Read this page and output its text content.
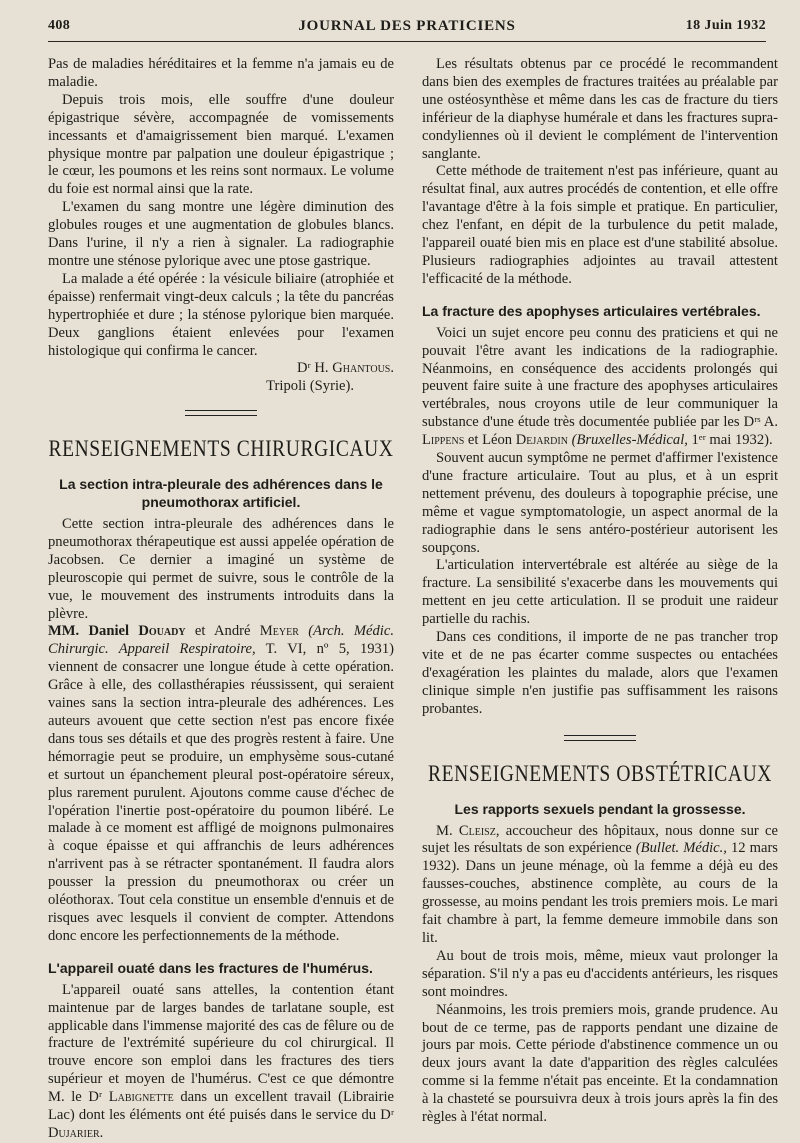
408	JOURNAL DES PRATICIENS	18 Juin 1932

Pas de maladies héréditaires et la femme n'a jamais eu de maladie.

Depuis trois mois, elle souffre d'une douleur épigastrique sévère, accompagnée de vomissements incessants et d'amaigrissement bien marqué. L'examen physique montre par palpation une douleur épigastrique ; le cœur, les poumons et les reins sont normaux. Le volume du foie est normal ainsi que la rate.

L'examen du sang montre une légère diminution des globules rouges et une augmentation de globules blancs. Dans l'urine, il n'y a rien à signaler. La radiographie montre une sténose pylorique avec une ptose gastrique.

La malade a été opérée : la vésicule biliaire (atrophiée et épaisse) renfermait vingt-deux calculs ; la tête du pancréas hypertrophiée et dure ; la sténose pylorique bien marquée. Deux ganglions étaient enlevées pour l'examen histologique qui confirma le cancer.

Dʳ H. Ghantous.

Tripoli (Syrie).

RENSEIGNEMENTS CHIRURGICAUX
La section intra-pleurale des adhérences dans le pneumothorax artificiel.

Cette section intra-pleurale des adhérences dans le pneumothorax thérapeutique est aussi appelée opération de Jacobsen. Ce dernier a imaginé un système de pleuroscopie qui permet de suivre, sous le contrôle de la vue, le mouvement des instruments introduits dans la plèvre.

MM. Daniel Douady et André Meyer (Arch. Médic. Chirurgic. Appareil Respiratoire, T. VI, nº 5, 1931) viennent de consacrer une longue étude à cette opération. Grâce à elle, des collasthérapies réussissent, qui seraient vaines sans la section intra-pleurale des adhérences. Les auteurs avouent que cette section n'est pas encore fixée dans tous ses détails et que des progrès restent à faire. Une hémorragie peut se produire, un emphysème sous-cutané et surtout un épanchement pleural post-opératoire séreux, plus rarement purulent. Ajoutons comme cause d'échec de l'opération l'inertie post-opératoire du poumon libéré. Le malade à ce moment est affligé de moignons pulmonaires à coque épaisse et qui affranchis de leurs adhérences n'arrivent pas à se rétracter spontanément. Il faudra alors pousser la pression du pneumothorax ou créer un oléothorax. Tout cela constitue un ensemble d'ennuis et de risques avec lesquels il convient de compter. Attendons donc encore les perfectionnements de la méthode.

L'appareil ouaté dans les fractures de l'humérus.

L'appareil ouaté sans attelles, la contention étant maintenue par de larges bandes de tarlatane souple, est applicable dans l'immense majorité des cas de fêlure ou de fracture de l'extrémité supérieure du col chirurgical. Il trouve encore son emploi dans les fractures des tiers supérieur et moyen de l'humérus. C'est ce que démontre M. le Dʳ Labignette dans un excellent travail (Librairie Lac) dont les éléments ont été puisés dans le service du Dʳ Dujarier.

Les résultats obtenus par ce procédé le recommandent dans bien des exemples de fractures traitées au préalable par une ostéosynthèse et même dans les cas de fracture du tiers inférieur de la diaphyse humérale et dans les fractures supra-condyliennes où il devient le complément de l'intervention sanglante.

Cette méthode de traitement n'est pas inférieure, quant au résultat final, aux autres procédés de contention, et elle offre l'avantage d'être à la fois simple et pratique. En particulier, chez l'enfant, en dépit de la turbulence du petit malade, l'appareil ouaté bien mis en place est d'une stabilité absolue. Plusieurs radiographies adjointes au travail attestent l'efficacité de la méthode.

La fracture des apophyses articulaires vertébrales.

Voici un sujet encore peu connu des praticiens et qui ne pouvait l'être avant les indications de la radiographie. Néanmoins, en conséquence des accidents prolongés qui peuvent faire suite à une fracture des apophyses articulaires vertébrales, nous croyons utile de leur communiquer la substance d'une étude très documentée publiée par les Dʳˢ A. Lippens et Léon Dejardin (Bruxelles-Médical, 1ᵉʳ mai 1932).

Souvent aucun symptôme ne permet d'affirmer l'existence d'une fracture articulaire. Tout au plus, et à un esprit nettement prévenu, des douleurs à topographie précise, une même et vague symptomatologie, un aspect anormal de la radiographie dans le sens antéro-postérieur autorisent les soupçons.

L'articulation intervertébrale est altérée au siège de la fracture. La sensibilité s'exacerbe dans les mouvements qui mettent en jeu cette articulation. Il se produit une raideur partielle du rachis.

Dans ces conditions, il importe de ne pas trancher trop vite et de ne pas écarter comme suspectes ou entachées d'exagération les plaintes du malade, alors que l'examen clinique simple n'en justifie pas suffisamment les raisons probantes.

RENSEIGNEMENTS OBSTÉTRICAUX
Les rapports sexuels pendant la grossesse.

M. Cleisz, accoucheur des hôpitaux, nous donne sur ce sujet les résultats de son expérience (Bullet. Médic., 12 mars 1932). Dans un jeune ménage, où la femme a déjà eu des fausses-couches, abstinence complète, au cours de la grossesse, au moins pendant les trois premiers mois. Le mari fait chambre à part, la femme demeure immobile dans son lit.

Au bout de trois mois, même, mieux vaut prolonger la séparation. S'il n'y a pas eu d'accidents antérieurs, les risques sont moindres.

Néanmoins, les trois premiers mois, grande prudence. Au bout de ce terme, pas de rapports pendant une dizaine de jours par mois. Cette période d'abstinence commence un ou deux jours avant la date d'apparition des règles calculées comme si la femme n'était pas enceinte. Et la condamnation à la chasteté se poursuivra deux à trois jours après la fin des règles à l'état normal.
